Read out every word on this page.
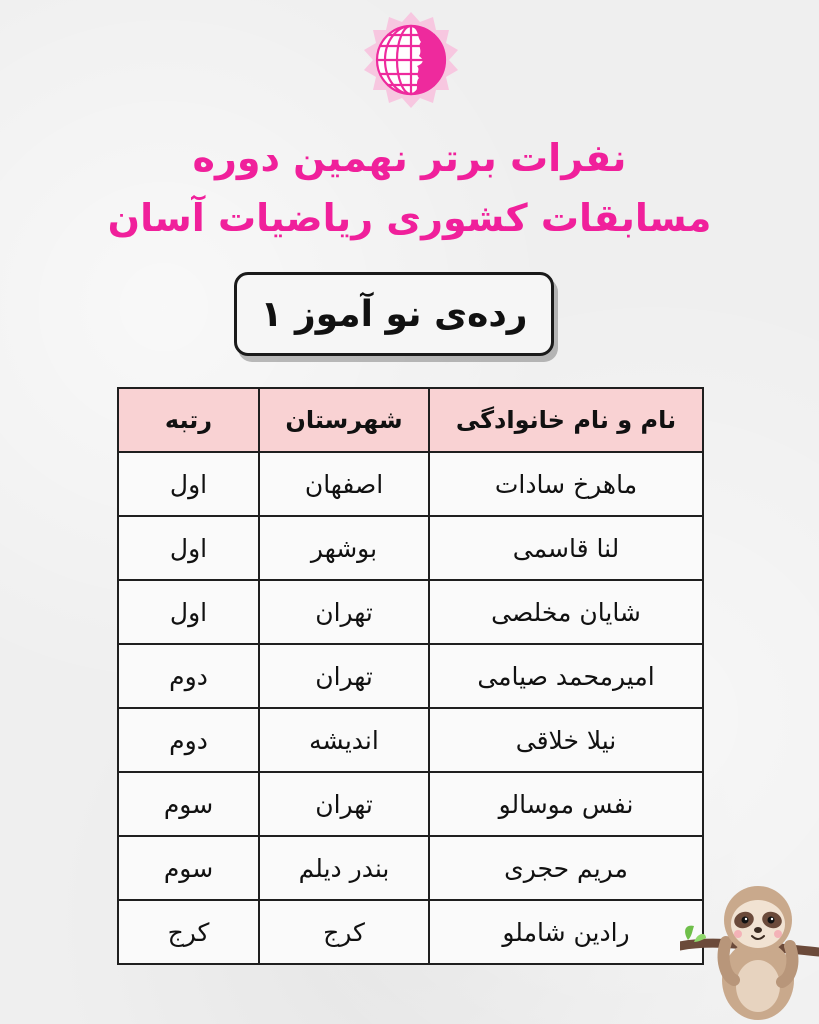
نفرات برتر نهمین دوره
مسابقات کشوری ریاضیات آسان
رده‌ی نو آموز ۱
نام و نام خانوادگی	شهرستان	رتبه
ماهرخ سادات	اصفهان	اول
لنا قاسمی	بوشهر	اول
شایان مخلصی	تهران	اول
امیرمحمد صیامی	تهران	دوم
نیلا خلاقی	اندیشه	دوم
نفس موسالو	تهران	سوم
مریم حجری	بندر دیلم	سوم
رادین شاملو	کرج	کرج
